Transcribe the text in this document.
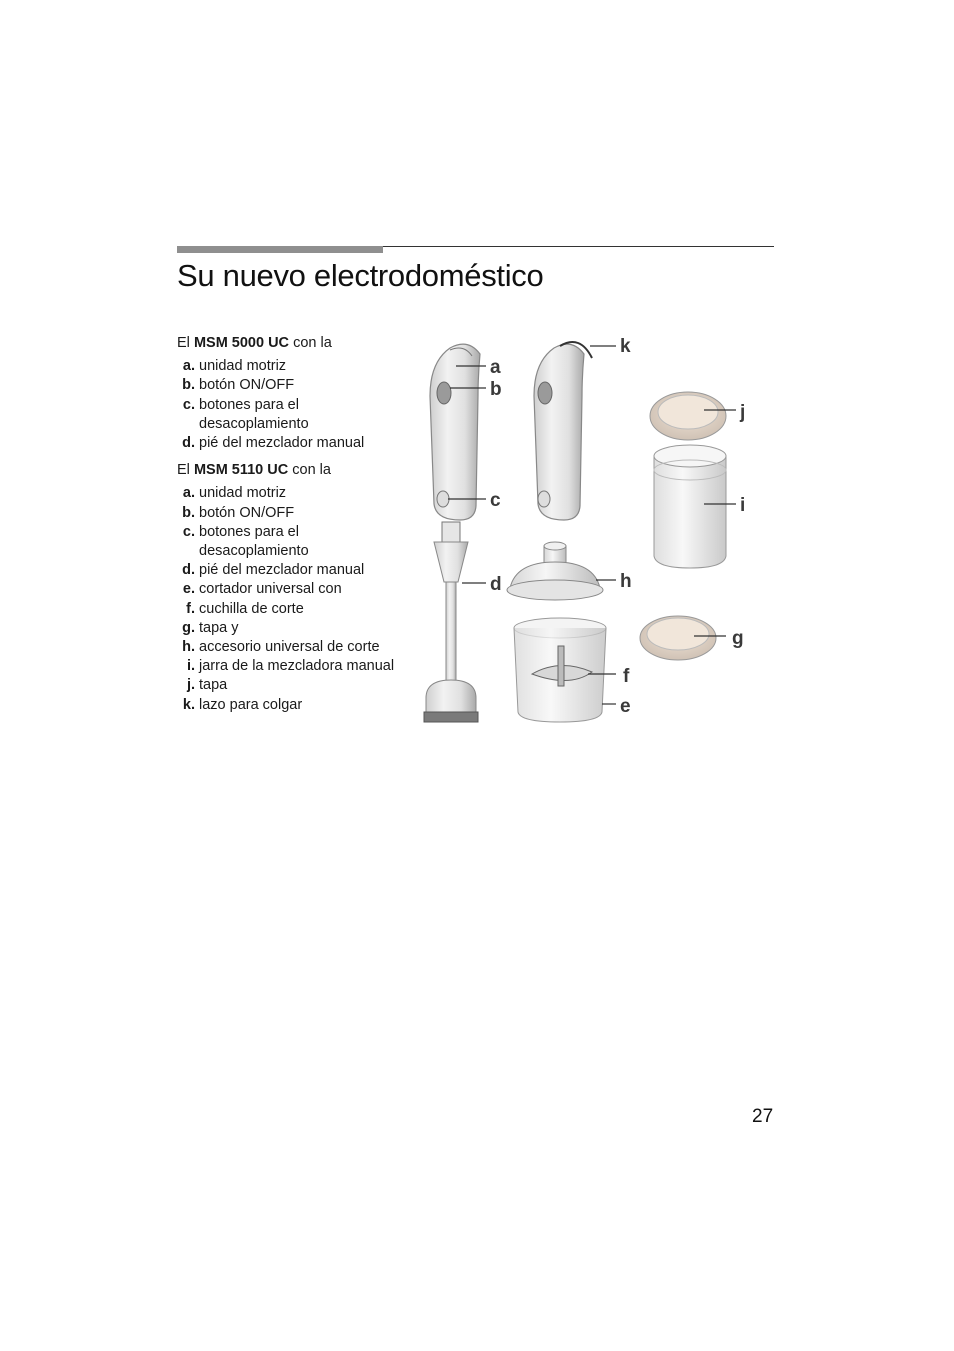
Su nuevo electrodoméstico

El MSM 5000 UC con la

a. unidad motriz
b. botón ON/OFF
c. botones para el desacoplamiento
d. pié del mezclador manual

El MSM 5110 UC con la

a. unidad motriz
b. botón ON/OFF
c. botones para el desacoplamiento
d. pié del mezclador manual
e. cortador universal con
f. cuchilla de corte
g. tapa y
h. accesorio universal de corte
i. jarra de la mezcladora manual
j. tapa
k. lazo para colgar
a
b
c
d
k
h
f
e
j
i
g
27
